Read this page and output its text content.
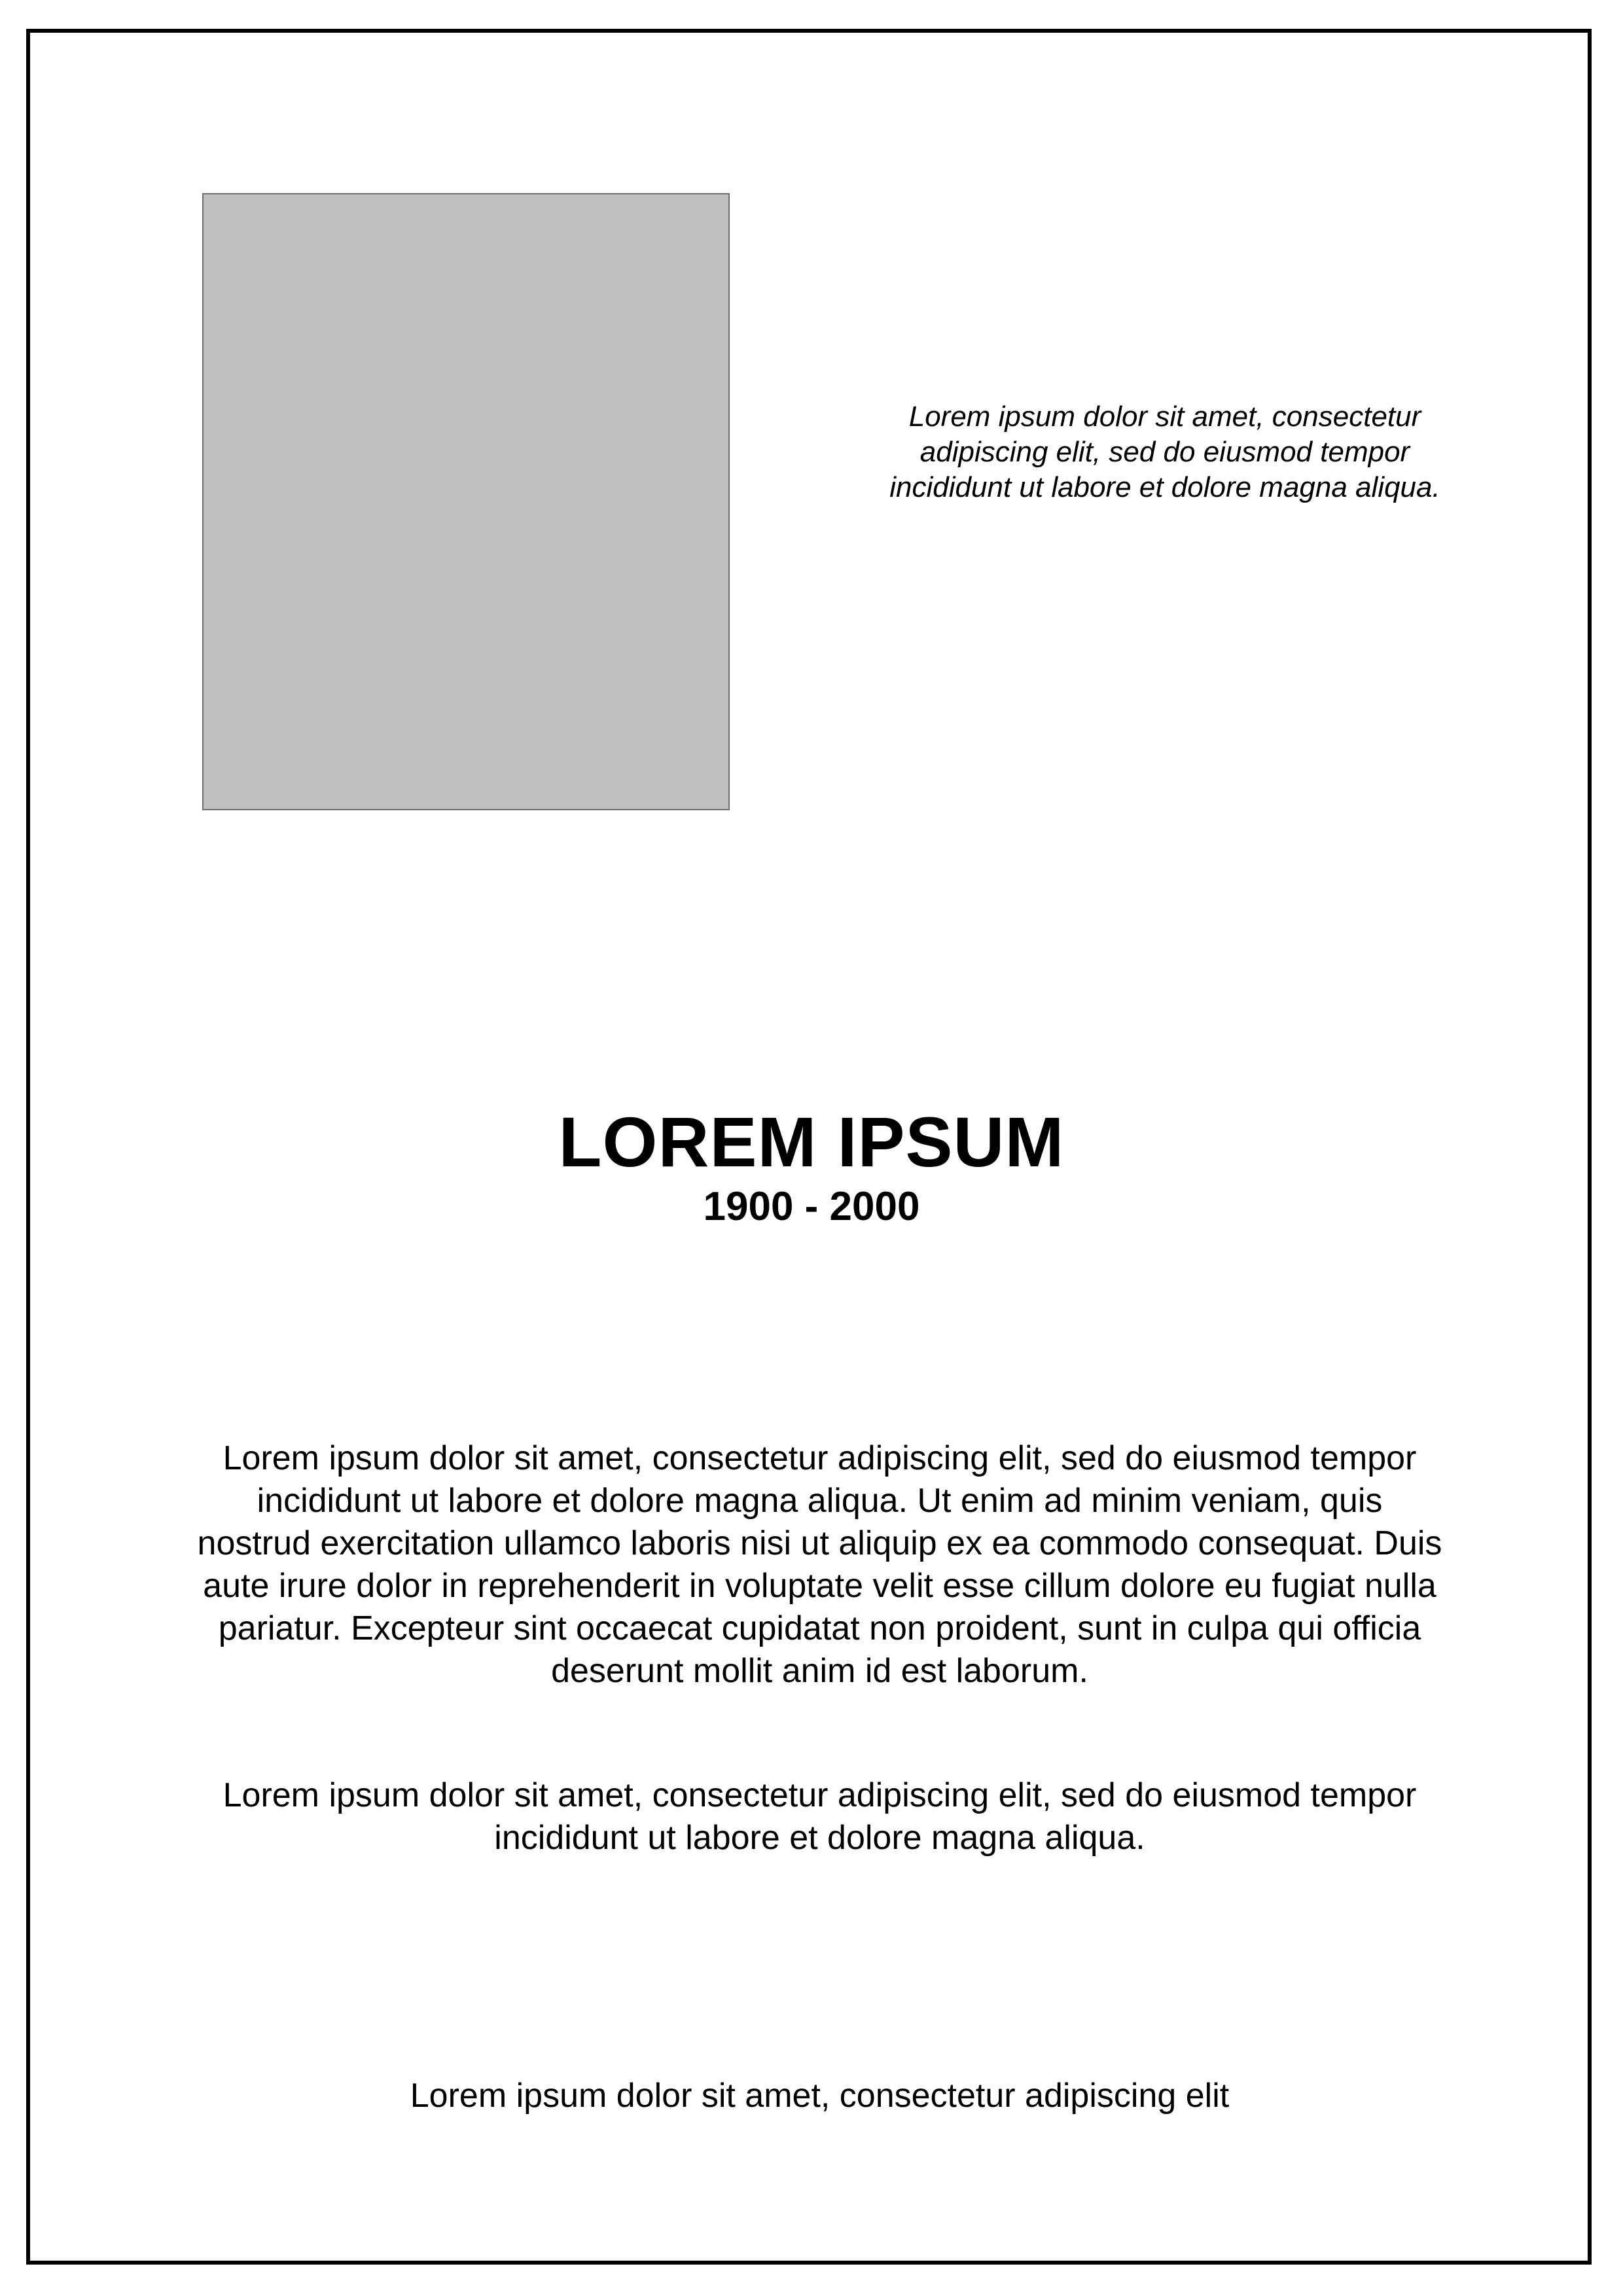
Lorem ipsum dolor sit amet, consectetur adipiscing elit, sed do eiusmod tempor incididunt ut labore et dolore magna aliqua.
LOREM IPSUM
1900 - 2000

Lorem ipsum dolor sit amet, consectetur adipiscing elit, sed do eiusmod tempor incididunt ut labore et dolore magna aliqua. Ut enim ad minim veniam, quis nostrud exercitation ullamco laboris nisi ut aliquip ex ea commodo consequat. Duis aute irure dolor in reprehenderit in voluptate velit esse cillum dolore eu fugiat nulla pariatur. Excepteur sint occaecat cupidatat non proident, sunt in culpa qui officia deserunt mollit anim id est laborum.

Lorem ipsum dolor sit amet, consectetur adipiscing elit, sed do eiusmod tempor incididunt ut labore et dolore magna aliqua.

Lorem ipsum dolor sit amet, consectetur adipiscing elit
